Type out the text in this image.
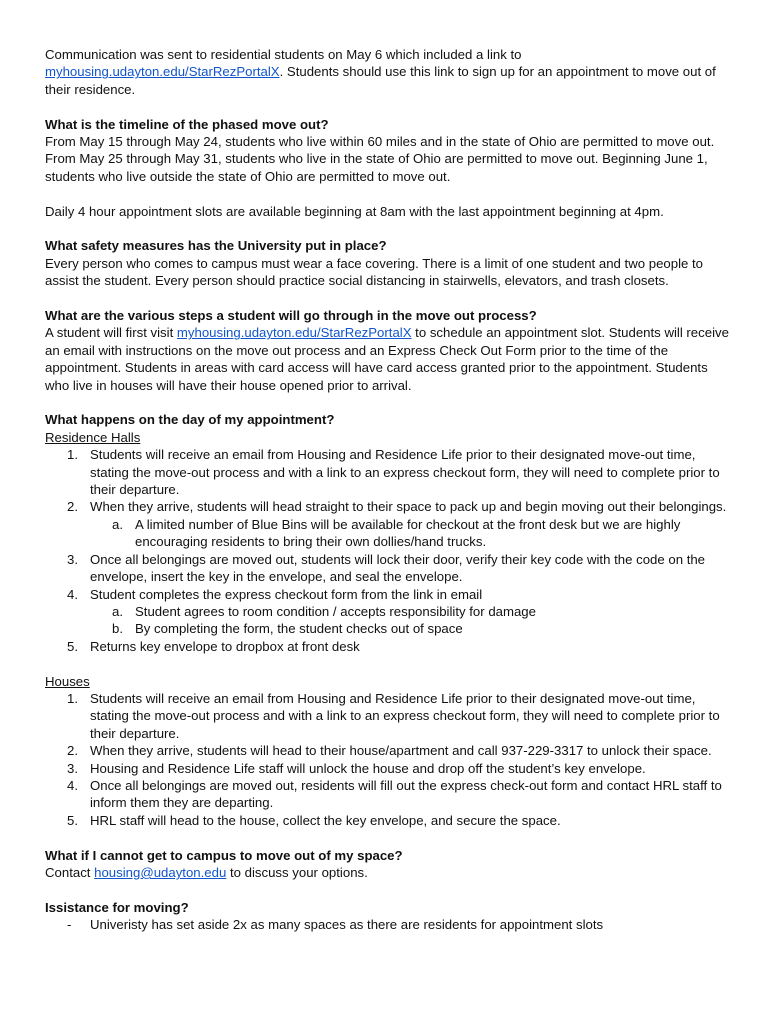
Communication was sent to residential students on May 6 which included a link to myhousing.udayton.edu/StarRezPortalX. Students should use this link to sign up for an appointment to move out of their residence.

What is the timeline of the phased move out?

From May 15 through May 24, students who live within 60 miles and in the state of Ohio are permitted to move out. From May 25 through May 31, students who live in the state of Ohio are permitted to move out. Beginning June 1, students who live outside the state of Ohio are permitted to move out.

Daily 4 hour appointment slots are available beginning at 8am with the last appointment beginning at 4pm.

What safety measures has the University put in place?

Every person who comes to campus must wear a face covering. There is a limit of one student and two people to assist the student. Every person should practice social distancing in stairwells, elevators, and trash closets.

What are the various steps a student will go through in the move out process?

A student will first visit myhousing.udayton.edu/StarRezPortalX to schedule an appointment slot. Students will receive an email with instructions on the move out process and an Express Check Out Form prior to the time of the appointment. Students in areas with card access will have card access granted prior to the appointment. Students who live in houses will have their house opened prior to arrival.

What happens on the day of my appointment?

Residence Halls

1. Students will receive an email from Housing and Residence Life prior to their designated move-out time, stating the move-out process and with a link to an express checkout form, they will need to complete prior to their departure.
2. When they arrive, students will head straight to their space to pack up and begin moving out their belongings.
a. A limited number of Blue Bins will be available for checkout at the front desk but we are highly encouraging residents to bring their own dollies/hand trucks.
3. Once all belongings are moved out, students will lock their door, verify their key code with the code on the envelope, insert the key in the envelope, and seal the envelope.
4. Student completes the express checkout form from the link in email
a. Student agrees to room condition / accepts responsibility for damage
b. By completing the form, the student checks out of space
5. Returns key envelope to dropbox at front desk

Houses

1. Students will receive an email from Housing and Residence Life prior to their designated move-out time, stating the move-out process and with a link to an express checkout form, they will need to complete prior to their departure.
2. When they arrive, students will head to their house/apartment and call 937-229-3317 to unlock their space.
3. Housing and Residence Life staff will unlock the house and drop off the student’s key envelope.
4. Once all belongings are moved out, residents will fill out the express check-out form and contact HRL staff to inform them they are departing.
5. HRL staff will head to the house, collect the key envelope, and secure the space.

What if I cannot get to campus to move out of my space?

Contact housing@udayton.edu to discuss your options.

Issistance for moving?

- Univeristy has set aside 2x as many spaces as there are residents for appointment slots
